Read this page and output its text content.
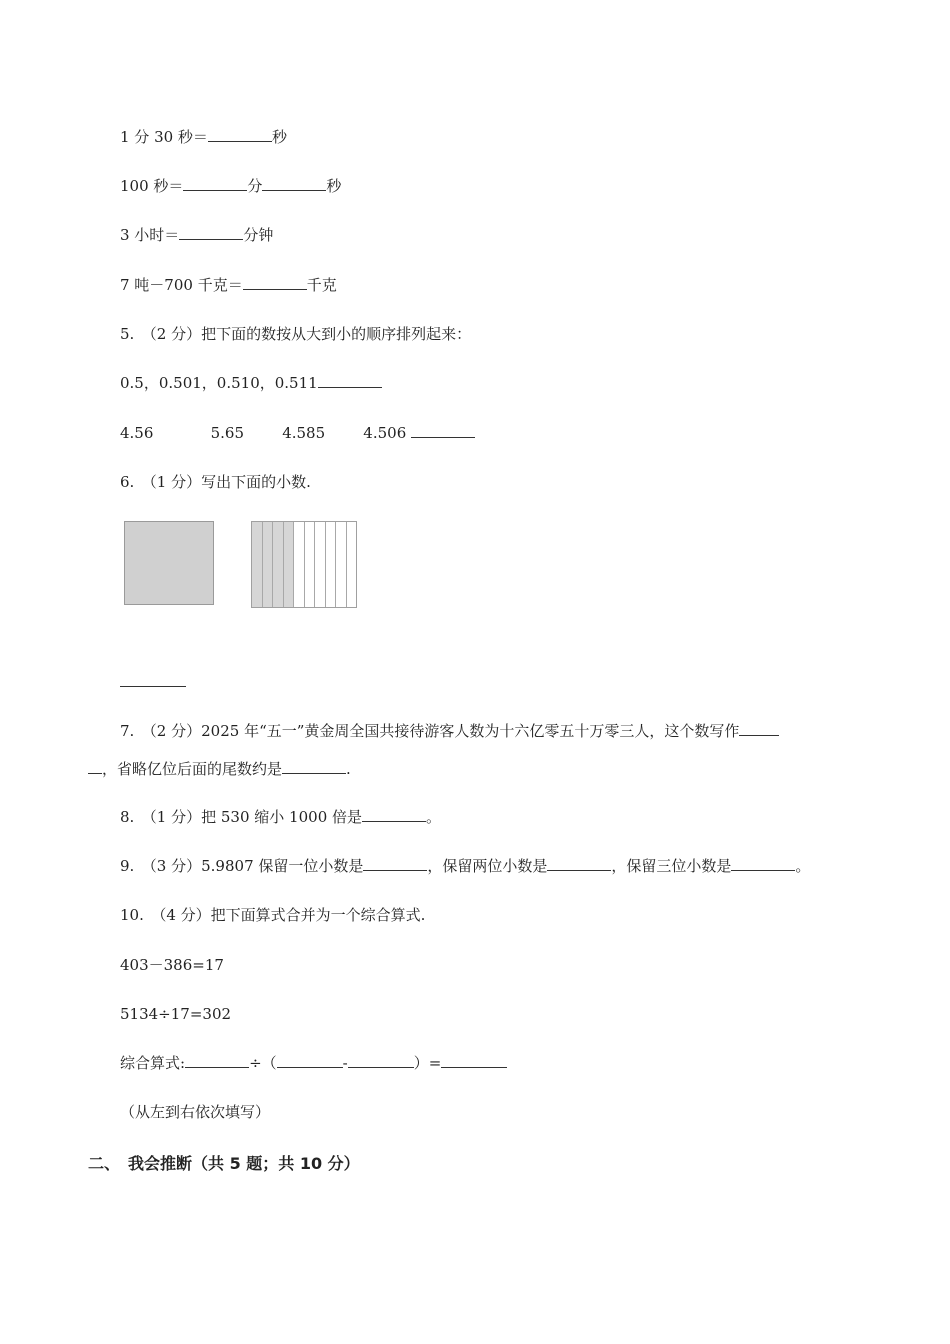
1 分 30 秒＝	秒
100 秒＝	分	秒
3 小时＝	分钟
7 吨－700 千克＝	千克
5.　（2 分）把下面的数按从大到小的顺序排列起来：
0.5，0.501，0.510，0.511
4.56	5.65	4.585	4.506
6.　（1 分）写出下面的小数.
7.　（2 分）2025 年“五一”黄金周全国共接待游客人数为十六亿零五十万零三人，这个数写作
，省略亿位后面的尾数约是	.
8.　（1 分）把 530 缩小 1000 倍是	。
9.　（3 分）5.9807 保留一位小数是	，保留两位小数是	，保留三位小数是	。
10.　（4 分）把下面算式合并为一个综合算式.
403－386=17
5134÷17=302
综合算式:	÷（	-	）=
（从左到右依次填写）
二、　我会推断（共 5 题；共 10 分）
